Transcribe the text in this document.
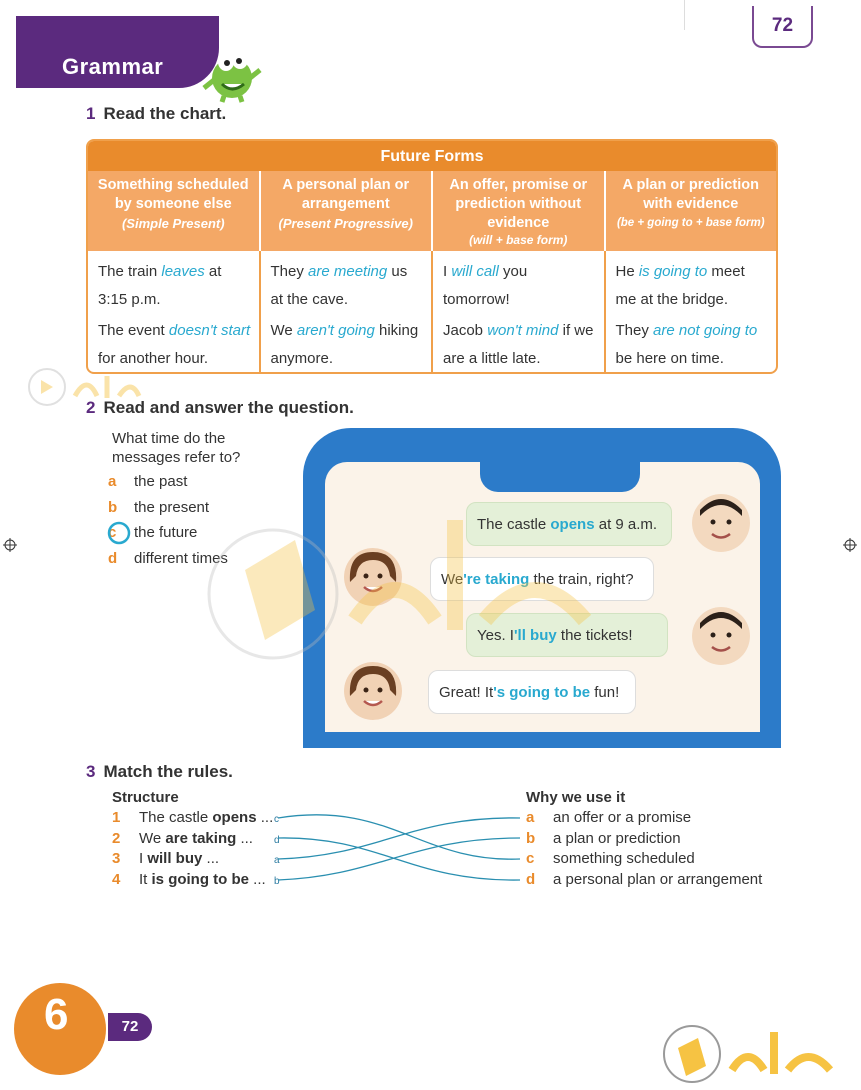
Grammar
72
1 Read the chart.
Future Forms
Something scheduled by someone else
(Simple Present)
A personal plan or arrangement
(Present Progressive)
An offer, promise or prediction without evidence
(will + base form)
A plan or prediction with evidence
(be + going to + base form)

The train leaves at 3:15 p.m.

The event doesn't start for another hour.

They are meeting us at the cave.

We aren't going hiking anymore.

I will call you tomorrow!

Jacob won't mind if we are a little late.

He is going to meet me at the bridge.

They are not going to be here on time.

2 Read and answer the question.
What time do the messages refer to?
a the past
b the present
c the future
d different times
The castle opens at 9 a.m.
We're taking the train, right?
Yes. I'll buy the tickets!
Great! It's going to be fun!
3 Match the rules.
Structure	Why we use it
1 The castle opens ...
2 We are taking ...
3 I will buy ...
4 It is going to be ...
c
d
a
b
a an offer or a promise
b a plan or prediction
c something scheduled
d a personal plan or arrangement
6	72
